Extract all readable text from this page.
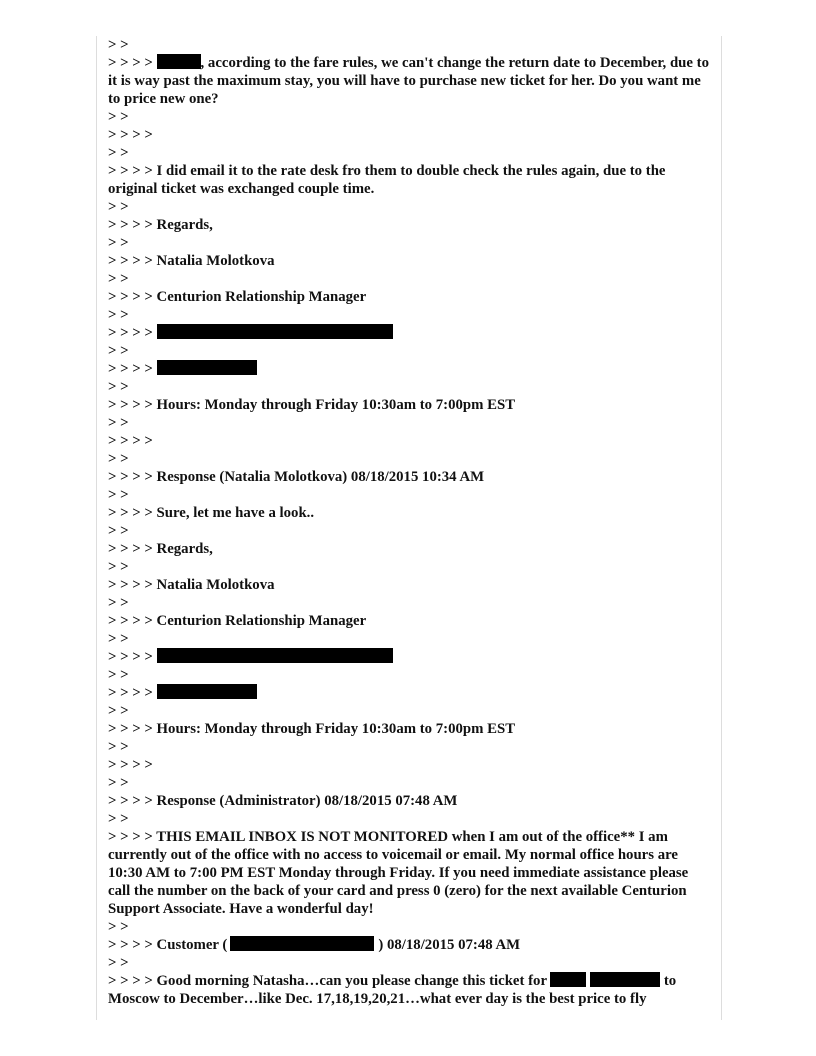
> >
> > > >	, according to the fare rules, we can't change the return date to December, due to it is way past the maximum stay, you will have to purchase new ticket for her. Do you want me to price new one?
> >
> > > >
> >
> > > > I did email it to the rate desk fro them to double check the rules again, due to the original ticket was exchanged couple time.
> >
> > > > Regards,
> >
> > > > Natalia Molotkova
> >
> > > > Centurion Relationship Manager
> >
> > > >
> >
> > > >
> >
> > > > Hours: Monday through Friday 10:30am to 7:00pm EST
> >
> > > >
> >
> > > > Response (Natalia Molotkova) 08/18/2015 10:34 AM
> >
> > > > Sure, let me have a look..
> >
> > > > Regards,
> >
> > > > Natalia Molotkova
> >
> > > > Centurion Relationship Manager
> >
> > > >
> >
> > > >
> >
> > > > Hours: Monday through Friday 10:30am to 7:00pm EST
> >
> > > >
> >
> > > > Response (Administrator) 08/18/2015 07:48 AM
> >
> > > > THIS EMAIL INBOX IS NOT MONITORED when I am out of the office** I am currently out of the office with no access to voicemail or email. My normal office hours are 10:30 AM to 7:00 PM EST Monday through Friday. If you need immediate assistance please call the number on the back of your card and press 0 (zero) for the next available Centurion Support Associate. Have a wonderful day!
> >
> > > > Customer (	) 08/18/2015 07:48 AM
> >
> > > > Good morning Natasha…can you please change this ticket for	to Moscow to December…like Dec. 17,18,19,20,21…what ever day is the best price to fly
